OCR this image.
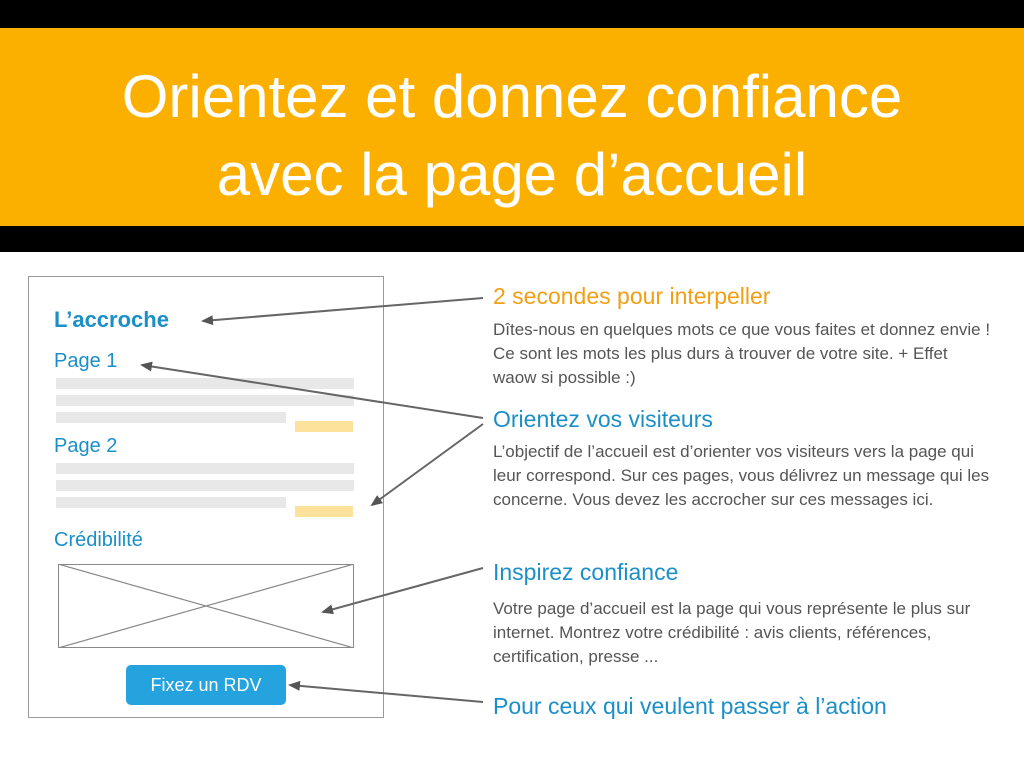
Orientez et donnez confiance
avec la page d’accueil
L’accroche
Page 1
Page 2
Crédibilité
Fixez un RDV
2 secondes pour interpeller
Dîtes-nous en quelques mots ce que vous faites et donnez envie ! Ce sont les mots les plus durs à trouver de votre site. + Effet waow si possible :)
Orientez vos visiteurs
L’objectif de l’accueil est d’orienter vos visiteurs vers la page qui leur correspond. Sur ces pages, vous délivrez un message qui les concerne. Vous devez les accrocher sur ces messages ici.
Inspirez confiance
Votre page d’accueil est la page qui vous représente le plus sur internet. Montrez votre crédibilité : avis clients, références, certification, presse ...
Pour ceux qui veulent passer à l’action
